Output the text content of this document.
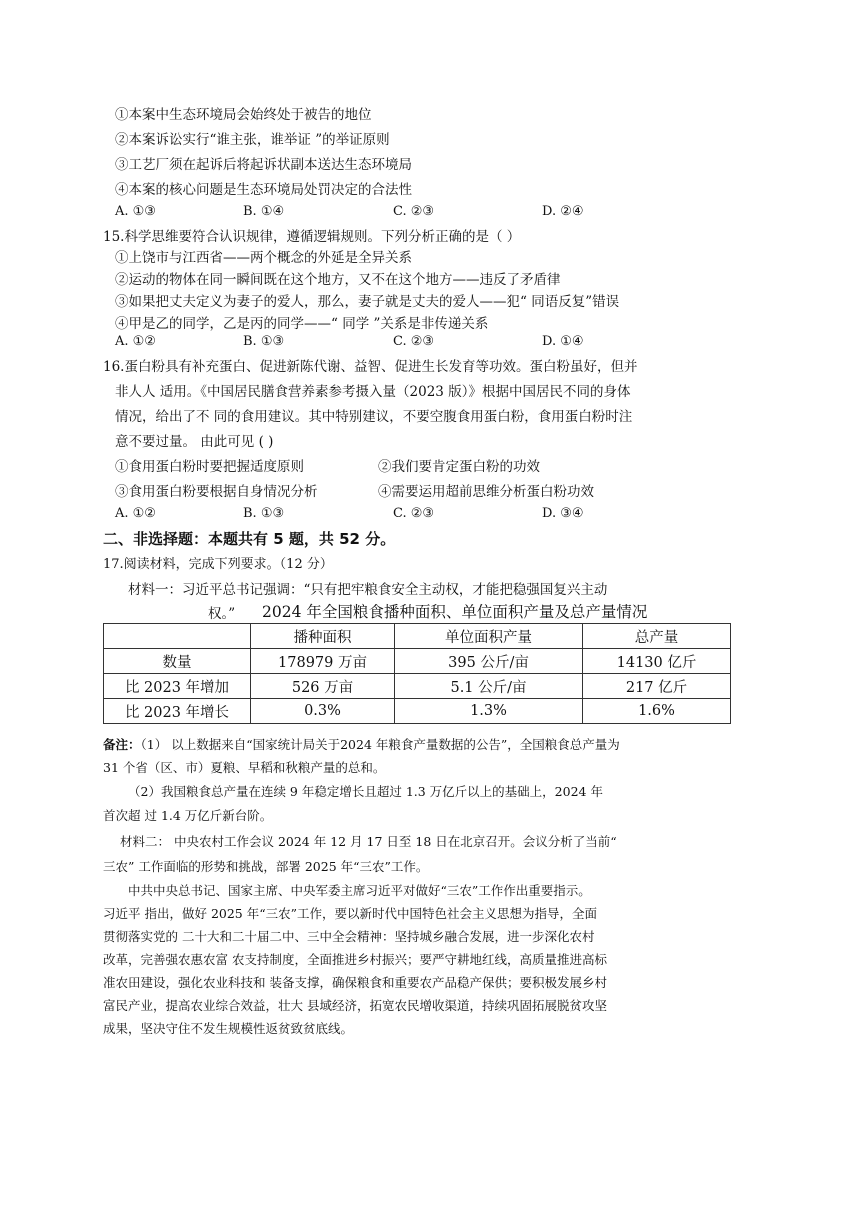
①本案中生态环境局会始终处于被告的地位
②本案诉讼实行“谁主张，谁举证 ”的举证原则
③工艺厂须在起诉后将起诉状副本送达生态环境局
④本案的核心问题是生态环境局处罚决定的合法性
A. ①③	B. ①④	C. ②③	D. ②④
15.科学思维要符合认识规律，遵循逻辑规则。下列分析正确的是（ ）
①上饶市与江西省——两个概念的外延是全异关系
②运动的物体在同一瞬间既在这个地方，又不在这个地方——违反了矛盾律
③如果把丈夫定义为妻子的爱人，那么，妻子就是丈夫的爱人——犯“ 同语反复”错误
④甲是乙的同学，乙是丙的同学——“ 同学 ”关系是非传递关系
A. ①②	B. ①③	C. ②③	D. ①④
16.蛋白粉具有补充蛋白、促进新陈代谢、益智、促进生长发育等功效。蛋白粉虽好，但并
非人人 适用。《中国居民膳食营养素参考摄入量（2023 版）》根据中国居民不同的身体
情况，给出了不 同的食用建议。其中特别建议，不要空腹食用蛋白粉，食用蛋白粉时注
意不要过量。 由此可见 ( )
①食用蛋白粉时要把握适度原则	②我们要肯定蛋白粉的功效
③食用蛋白粉要根据自身情况分析	④需要运用超前思维分析蛋白粉功效
A. ①②	B. ①③	C. ②③	D. ③④
二、非选择题：本题共有 5 题，共 52 分。
17.阅读材料，完成下列要求。（12 分）
材料一：习近平总书记强调：“只有把牢粮食安全主动权，才能把稳强国复兴主动
权。” 2024 年全国粮食播种面积、单位面积产量及总产量情况
	播种面积	单位面积产量	总产量
数量	178979 万亩	395 公斤/亩	14130 亿斤
比 2023 年增加	526 万亩	5.1 公斤/亩	217 亿斤
比 2023 年增长	0.3%	1.3%	1.6%
备注：（1） 以上数据来自“国家统计局关于2024 年粮食产量数据的公告”，全国粮食总产量为
31 个省（区、市）夏粮、早稻和秋粮产量的总和。
（2）我国粮食总产量在连续 9 年稳定增长且超过 1.3 万亿斤以上的基础上，2024 年
首次超 过 1.4 万亿斤新台阶。
材料二： 中央农村工作会议 2024 年 12 月 17 日至 18 日在北京召开。会议分析了当前“
三农” 工作面临的形势和挑战，部署 2025 年“三农”工作。
中共中央总书记、国家主席、中央军委主席习近平对做好“三农”工作作出重要指示。
习近平 指出，做好 2025 年“三农”工作，要以新时代中国特色社会主义思想为指导，全面
贯彻落实党的 二十大和二十届二中、三中全会精神：坚持城乡融合发展，进一步深化农村
改革，完善强农惠农富 农支持制度，全面推进乡村振兴；要严守耕地红线，高质量推进高标
准农田建设，强化农业科技和 装备支撑，确保粮食和重要农产品稳产保供；要积极发展乡村
富民产业，提高农业综合效益，壮大 县域经济，拓宽农民增收渠道，持续巩固拓展脱贫攻坚
成果，坚决守住不发生规模性返贫致贫底线。
